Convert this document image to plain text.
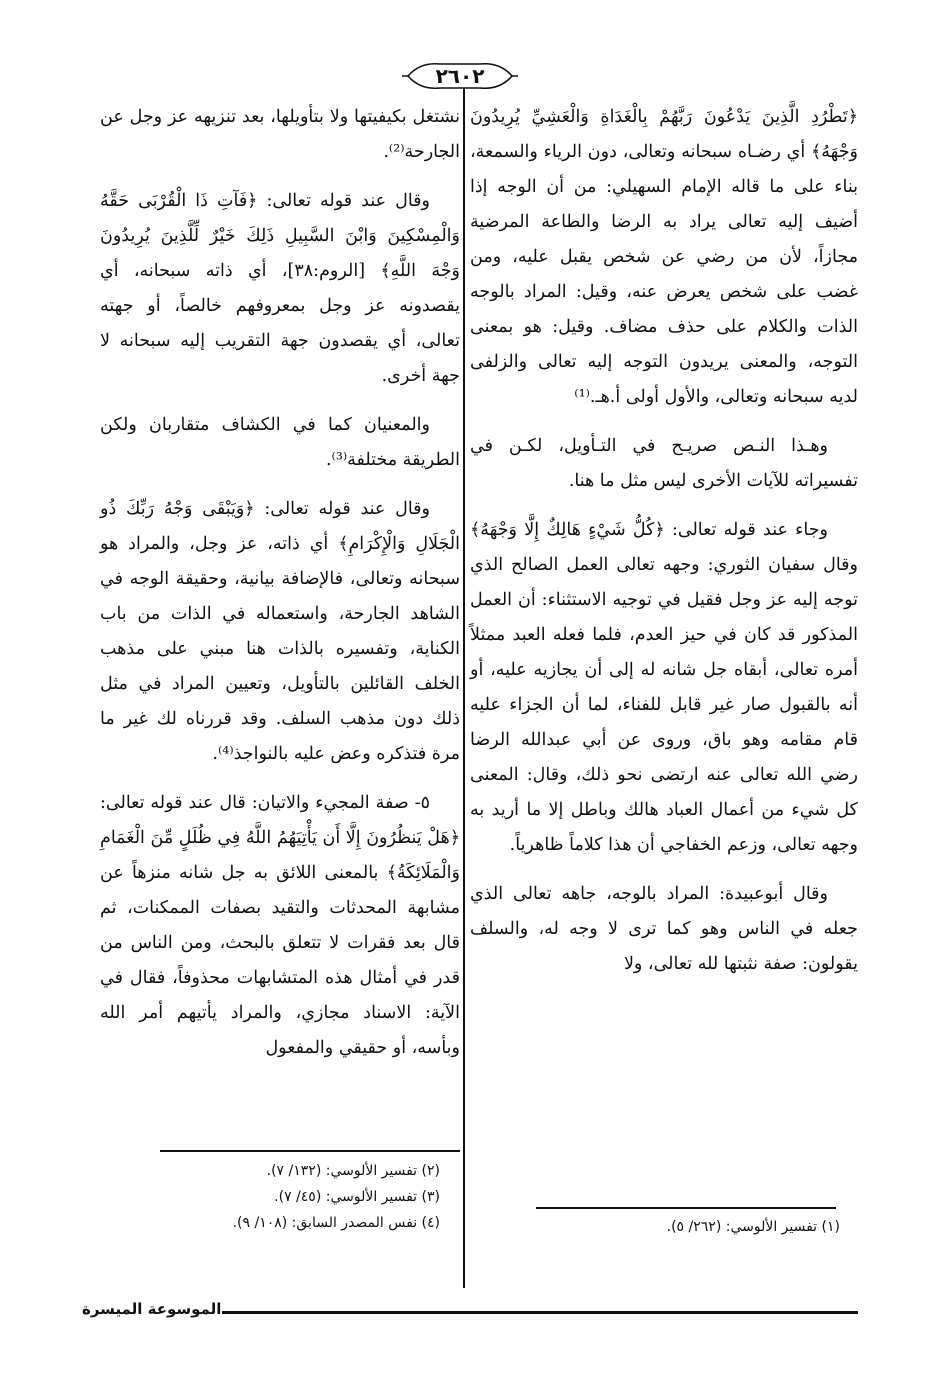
٢٦٠٢

﴿تَطْرُدِ الَّذِينَ يَدْعُونَ رَبَّهُمْ بِالْغَدَاةِ وَالْعَشِيِّ يُرِيدُونَ وَجْهَهُ﴾ أي رضـاه سبحانه وتعالى، دون الرياء والسمعة، بناء على ما قاله الإمام السهيلي: من أن الوجه إذا أضيف إليه تعالى يراد به الرضا والطاعة المرضية مجازاً، لأن من رضي عن شخص يقبل عليه، ومن غضب على شخص يعرض عنه، وقيل: المراد بالوجه الذات والكلام على حذف مضاف. وقيل: هو بمعنى التوجه، والمعنى يريدون التوجه إليه تعالى والزلفى لديه سبحانه وتعالى، والأول أولى أ.هـ.⁽¹⁾

وهـذا النـص صريـح في التـأويل، لكـن في تفسيراته للآيات الأخرى ليس مثل ما هنا.

وجاء عند قوله تعالى: ﴿كُلُّ شَيْءٍ هَالِكٌ إِلَّا وَجْهَهُ﴾ وقال سفيان الثوري: وجهه تعالى العمل الصالح الذي توجه إليه عز وجل فقيل في توجيه الاستثناء: أن العمل المذكور قد كان في حيز العدم، فلما فعله العبد ممثلاً أمره تعالى، أبقاه جل شانه له إلى أن يجازيه عليه، أو أنه بالقبول صار غير قابل للفناء، لما أن الجزاء عليه قام مقامه وهو باق، وروى عن أبي عبدالله الرضا رضي الله تعالى عنه ارتضى نحو ذلك، وقال: المعنى كل شيء من أعمال العباد هالك وباطل إلا ما أريد به وجهه تعالى، وزعم الخفاجي أن هذا كلاماً ظاهرياً.

وقال أبوعبيدة: المراد بالوجه، جاهه تعالى الذي جعله في الناس وهو كما ترى لا وجه له، والسلف يقولون: صفة نثبتها لله تعالى، ولا

نشتغل بكيفيتها ولا بتأويلها، بعد تنزيهه عز وجل عن الجارحة⁽²⁾.

وقال عند قوله تعالى: ﴿فَآتِ ذَا الْقُرْبَى حَقَّهُ وَالْمِسْكِينَ وَابْنَ السَّبِيلِ ذَلِكَ خَيْرٌ لِّلَّذِينَ يُرِيدُونَ وَجْهَ اللَّهِ﴾ [الروم:٣٨]، أي ذاته سبحانه، أي يقصدونه عز وجل بمعروفهم خالصاً، أو جهته تعالى، أي يقصدون جهة التقريب إليه سبحانه لا جهة أخرى.

والمعنيان كما في الكشاف متقاربان ولكن الطريقة مختلفة⁽³⁾.

وقال عند قوله تعالى: ﴿وَيَبْقَى وَجْهُ رَبِّكَ ذُو الْجَلَالِ وَالْإِكْرَامِ﴾ أي ذاته، عز وجل، والمراد هو سبحانه وتعالى، فالإضافة بيانية، وحقيقة الوجه في الشاهد الجارحة، واستعماله في الذات من باب الكناية، وتفسيره بالذات هنا مبني على مذهب الخلف القائلين بالتأويل، وتعيين المراد في مثل ذلك دون مذهب السلف. وقد قررناه لك غير ما مرة فتذكره وعض عليه بالنواجذ⁽⁴⁾.

٥- صفة المجيء والاتيان: قال عند قوله تعالى: ﴿هَلْ يَنظُرُونَ إِلَّا أَن يَأْتِيَهُمُ اللَّهُ فِي ظُلَلٍ مِّنَ الْغَمَامِ وَالْمَلَائِكَةُ﴾ بالمعنى اللائق به جل شانه منزهاً عن مشابهة المحدثات والتقيد بصفات الممكنات، ثم قال بعد فقرات لا تتعلق بالبحث، ومن الناس من قدر في أمثال هذه المتشابهات محذوفاً، فقال في الآية: الاسناد مجازي، والمراد يأتيهم أمر الله وبأسه، أو حقيقي والمفعول

(١) تفسير الألوسي: (٢٦٢/ ٥).
(٢) تفسير الألوسي: (١٣٢/ ٧).
(٣) تفسير الألوسي: (٤٥/ ٧).
(٤) نفس المصدر السابق: (١٠٨/ ٩).
الموسوعة الميسرة
